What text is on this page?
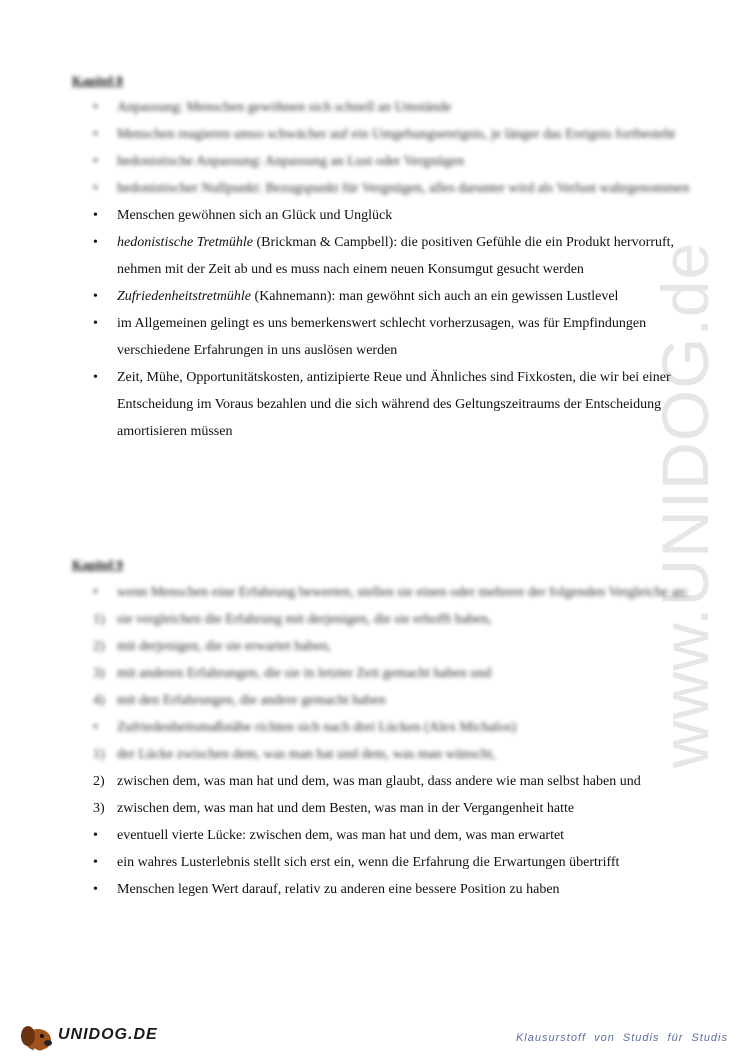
www.UNIDOG.de
Kapitel 8
•	Anpassung: Menschen gewöhnen sich schnell an Umstände
•	Menschen reagieren umso schwächer auf ein Umgebungsereignis, je länger das Ereignis fortbesteht
•	hedonistische Anpassung: Anpassung an Lust oder Vergnügen
•	hedonistischer Nullpunkt: Bezugspunkt für Vergnügen, alles darunter wird als Verlust wahrgenommen
•	Menschen gewöhnen sich an Glück und Unglück
•	hedonistische Tretmühle (Brickman & Campbell): die positiven Gefühle die ein Produkt hervorruft, nehmen mit der Zeit ab und es muss nach einem neuen Konsumgut gesucht werden
•	Zufriedenheitstretmühle (Kahnemann): man gewöhnt sich auch an ein gewissen Lustlevel
•	im Allgemeinen gelingt es uns bemerkenswert schlecht vorherzusagen, was für Empfindungen verschiedene Erfahrungen in uns auslösen werden
•	Zeit, Mühe, Opportunitätskosten, antizipierte Reue und Ähnliches sind Fixkosten, die wir bei einer Entscheidung im Voraus bezahlen und die sich während des Geltungszeitraums der Entscheidung amortisieren müssen
Kapitel 9
•	wenn Menschen eine Erfahrung bewerten, stellen sie einen oder mehrere der folgenden Vergleiche an:
1) sie vergleichen die Erfahrung mit derjenigen, die sie erhofft haben,
2) mit derjenigen, die sie erwartet haben,
3) mit anderen Erfahrungen, die sie in letzter Zeit gemacht haben und
4) mit den Erfahrungen, die andere gemacht haben
•	Zufriedenheitsmaßstäbe richten sich nach drei Lücken (Alex Michalos)
1) der Lücke zwischen dem, was man hat und dem, was man wünscht,
2) zwischen dem, was man hat und dem, was man glaubt, dass andere wie man selbst haben und
3) zwischen dem, was man hat und dem Besten, was man in der Vergangenheit hatte
•	eventuell vierte Lücke: zwischen dem, was man hat und dem, was man erwartet
•	ein wahres Lusterlebnis stellt sich erst ein, wenn die Erfahrung die Erwartungen übertrifft
•	Menschen legen Wert darauf, relativ zu anderen eine bessere Position zu haben
UNIDOG.DE	Klausurstoff von Studis für Studis
